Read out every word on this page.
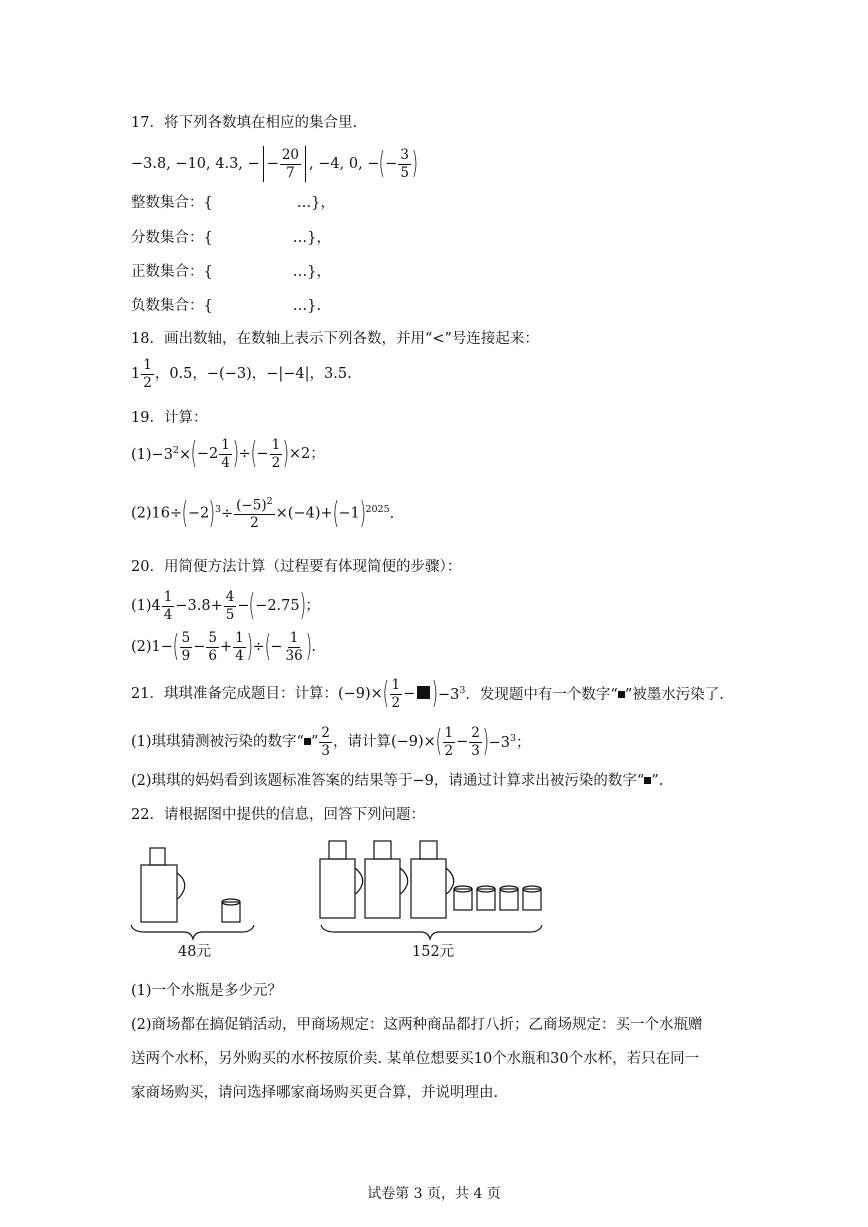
17．将下列各数填在相应的集合里.
−3.8, −10, 4.3, − − $\frac{20}{7}$ , −4, 0, −(− $\frac{3}{5}$ )
整数集合：{	…}，
分数集合：{	…}，
正数集合：{	…}，
负数集合：{	…}.
18．画出数轴，在数轴上表示下列各数，并用“<”号连接起来：
$1 \frac{1}{2}$ ，0.5，−(−3)，−|−4|，3.5.
19．计算：
$(1)-3^2\times(-2 \frac{1}{4}$ )÷(− $\frac{1}{2} )\times 2$；
$(2)16\div(-2)^3\div \frac{(-5)^2}{2} \times(-4)+(-1)^{2025}$.
20．用简便方法计算（过程要有体现简便的步骤）：
$(1)4 \frac{1}{4} -3.8+ \frac{4}{5} -(-2.75)$；
$(2)1-( \frac{5}{9} - \frac{5}{6} + \frac{1}{4}$ )÷(− $\frac{1}{36}$ ).
21．琪琪准备完成题目：计算：$(-9)\times( \frac{1}{2} - )-3^3$．发现题中有一个数字“ ”被墨水污染了.
(1)琪琪猜测被污染的数字“ ” $\frac{2}{3}$ ，请计算$(-9)\times( \frac{1}{2} - \frac{2}{3} )-3^3$；
(2)琪琪的妈妈看到该题标准答案的结果等于−9，请通过计算求出被污染的数字“ ”.
22．请根据图中提供的信息，回答下列问题：
48元	152元
(1)一个水瓶是多少元？
(2)商场都在搞促销活动，甲商场规定：这两种商品都打八折；乙商场规定：买一个水瓶赠
送两个水杯，另外购买的水杯按原价卖. 某单位想要买10个水瓶和30个水杯，若只在同一
家商场购买，请问选择哪家商场购买更合算，并说明理由.
试卷第 3 页，共 4 页
